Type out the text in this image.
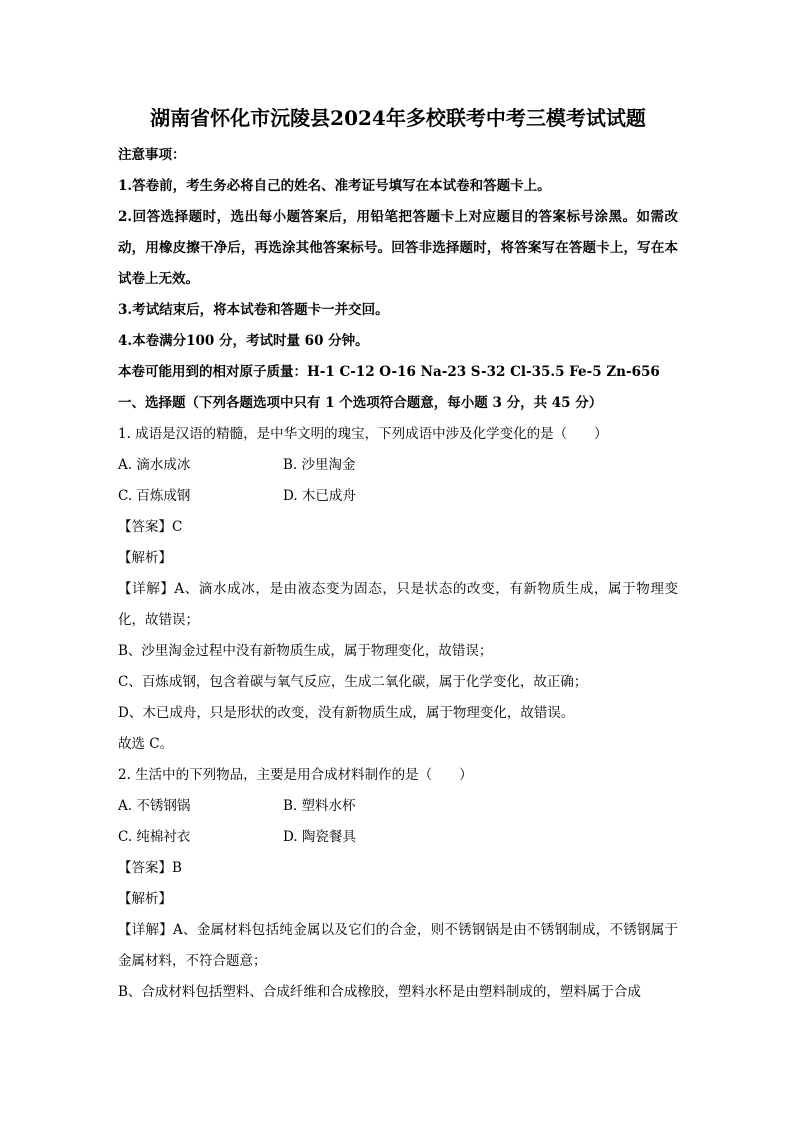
湖南省怀化市沅陵县2024年多校联考中考三模考试试题
注意事项：
1.答卷前，考生务必将自己的姓名、准考证号填写在本试卷和答题卡上。
2.回答选择题时，选出每小题答案后，用铅笔把答题卡上对应题目的答案标号涂黑。如需改动，用橡皮擦干净后，再选涂其他答案标号。回答非选择题时，将答案写在答题卡上，写在本试卷上无效。
3.考试结束后，将本试卷和答题卡一并交回。
4.本卷满分100 分，考试时量 60 分钟。
本卷可能用到的相对原子质量：H-1 C-12 O-16 Na-23 S-32 Cl-35.5 Fe-5 Zn-656
一、选择题（下列各题选项中只有 1 个选项符合题意，每小题 3 分，共 45 分）
1. 成语是汉语的精髓，是中华文明的瑰宝，下列成语中涉及化学变化的是（　　）
A. 滴水成冰	B. 沙里淘金
C. 百炼成钢	D. 木已成舟
【答案】C
【解析】
【详解】A、滴水成冰，是由液态变为固态，只是状态的改变，有新物质生成，属于物理变化，故错误；
B、沙里淘金过程中没有新物质生成，属于物理变化，故错误；
C、百炼成钢，包含着碳与氧气反应，生成二氧化碳，属于化学变化，故正确；
D、木已成舟，只是形状的改变，没有新物质生成，属于物理变化，故错误。
故选 C。
2. 生活中的下列物品，主要是用合成材料制作的是（　　）
A. 不锈钢锅	B. 塑料水杯
C. 纯棉衬衣	D. 陶瓷餐具
【答案】B
【解析】
【详解】A、金属材料包括纯金属以及它们的合金，则不锈钢锅是由不锈钢制成，不锈钢属于金属材料，不符合题意；
B、合成材料包括塑料、合成纤维和合成橡胶，塑料水杯是由塑料制成的，塑料属于合成
